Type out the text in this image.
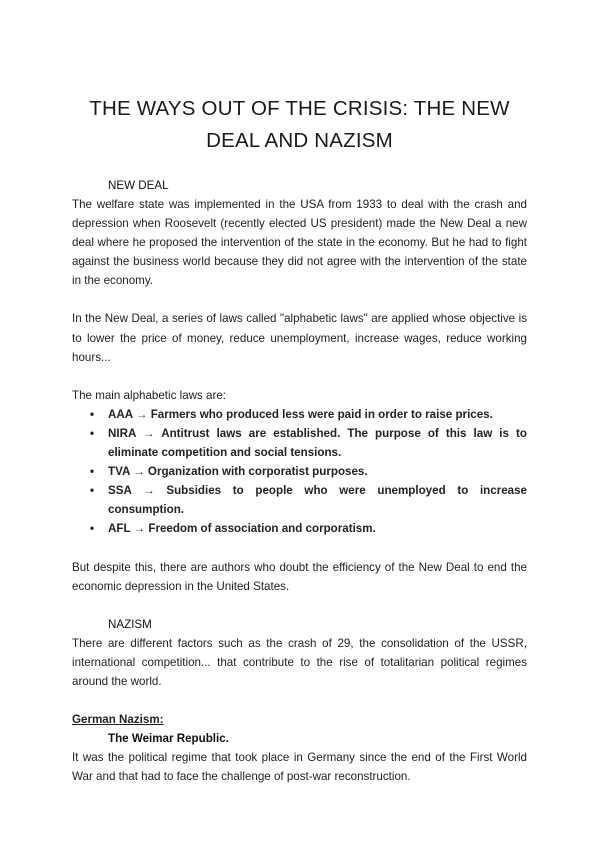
THE WAYS OUT OF THE CRISIS: THE NEW
DEAL AND NAZISM

NEW DEAL

The welfare state was implemented in the USA from 1933 to deal with the crash and depression when Roosevelt (recently elected US president) made the New Deal a new deal where he proposed the intervention of the state in the economy. But he had to fight against the business world because they did not agree with the intervention of the state in the economy.

In the New Deal, a series of laws called "alphabetic laws" are applied whose objective is to lower the price of money, reduce unemployment, increase wages, reduce working hours...

The main alphabetic laws are:

• AAA → Farmers who produced less were paid in order to raise prices.
• NIRA → Antitrust laws are established. The purpose of this law is to eliminate competition and social tensions.
• TVA → Organization with corporatist purposes.
• SSA → Subsidies to people who were unemployed to increase consumption.
• AFL → Freedom of association and corporatism.

But despite this, there are authors who doubt the efficiency of the New Deal to end the economic depression in the United States.

NAZISM

There are different factors such as the crash of 29, the consolidation of the USSR, international competition... that contribute to the rise of totalitarian political regimes around the world.

German Nazism:

The Weimar Republic.

It was the political regime that took place in Germany since the end of the First World War and that had to face the challenge of post-war reconstruction.
